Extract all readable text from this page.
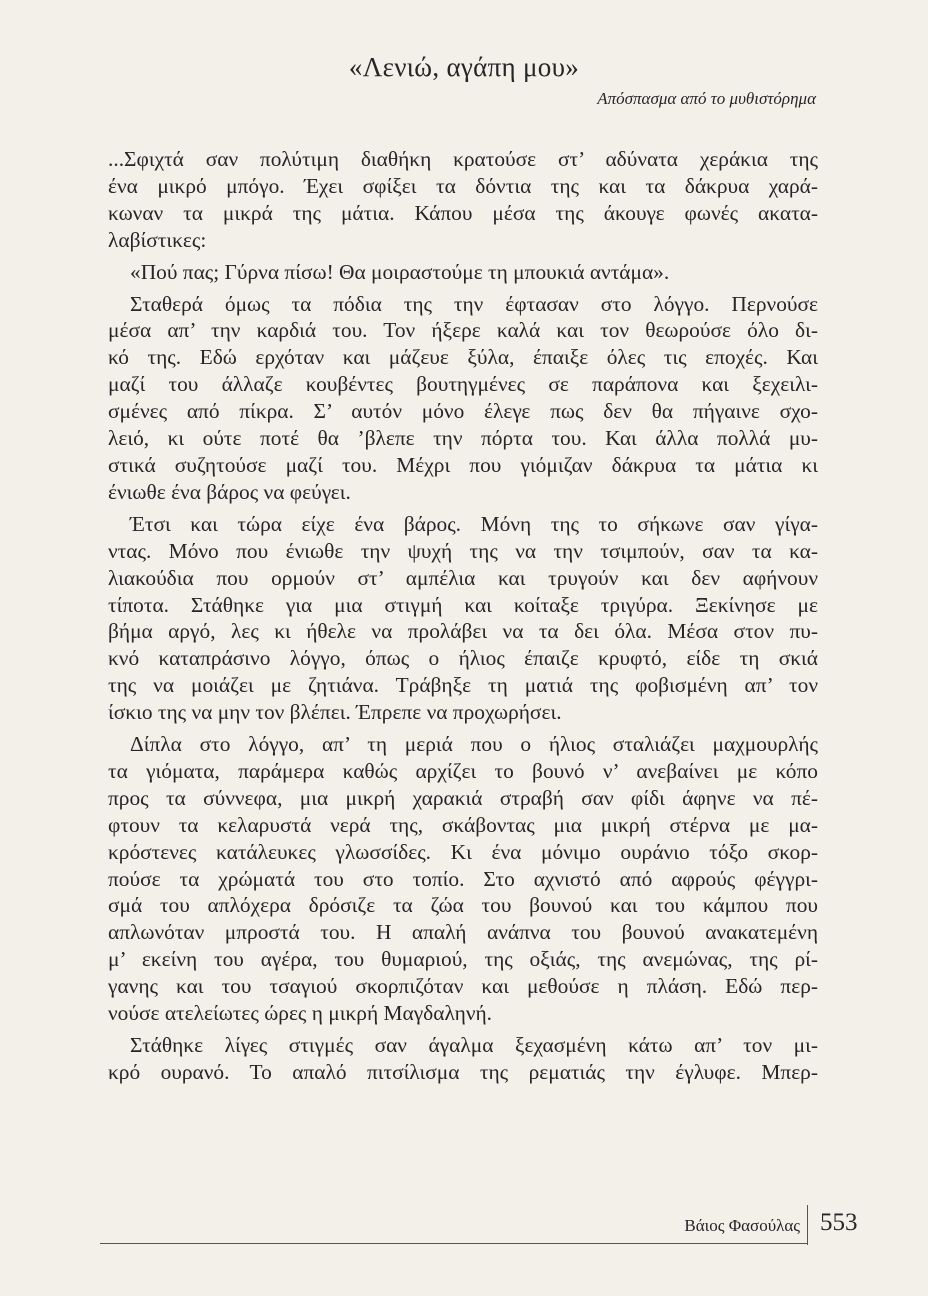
«Λενιώ, αγάπη μου»
Απόσπασμα από το μυθιστόρημα
...Σφιχτά σαν πολύτιμη διαθήκη κρατούσε στ’ αδύνατα χεράκια της
ένα μικρό μπόγο. Έχει σφίξει τα δόντια της και τα δάκρυα χαρά-
κωναν τα μικρά της μάτια. Κάπου μέσα της άκουγε φωνές ακατα-
λαβίστικες:
«Πού πας; Γύρνα πίσω! Θα μοιραστούμε τη μπουκιά αντάμα».
Σταθερά όμως τα πόδια της την έφτασαν στο λόγγο. Περνούσε
μέσα απ’ την καρδιά του. Τον ήξερε καλά και τον θεωρούσε όλο δι-
κό της. Εδώ ερχόταν και μάζευε ξύλα, έπαιξε όλες τις εποχές. Και
μαζί του άλλαζε κουβέντες βουτηγμένες σε παράπονα και ξεχειλι-
σμένες από πίκρα. Σ’ αυτόν μόνο έλεγε πως δεν θα πήγαινε σχο-
λειό, κι ούτε ποτέ θα ’βλεπε την πόρτα του. Και άλλα πολλά μυ-
στικά συζητούσε μαζί του. Μέχρι που γιόμιζαν δάκρυα τα μάτια κι
ένιωθε ένα βάρος να φεύγει.
Έτσι και τώρα είχε ένα βάρος. Μόνη της το σήκωνε σαν γίγα-
ντας. Μόνο που ένιωθε την ψυχή της να την τσιμπούν, σαν τα κα-
λιακούδια που ορμούν στ’ αμπέλια και τρυγούν και δεν αφήνουν
τίποτα. Στάθηκε για μια στιγμή και κοίταξε τριγύρα. Ξεκίνησε με
βήμα αργό, λες κι ήθελε να προλάβει να τα δει όλα. Μέσα στον πυ-
κνό καταπράσινο λόγγο, όπως ο ήλιος έπαιζε κρυφτό, είδε τη σκιά
της να μοιάζει με ζητιάνα. Τράβηξε τη ματιά της φοβισμένη απ’ τον
ίσκιο της να μην τον βλέπει. Έπρεπε να προχωρήσει.
Δίπλα στο λόγγο, απ’ τη μεριά που ο ήλιος σταλιάζει μαχμουρλής
τα γιόματα, παράμερα καθώς αρχίζει το βουνό ν’ ανεβαίνει με κόπο
προς τα σύννεφα, μια μικρή χαρακιά στραβή σαν φίδι άφηνε να πέ-
φτουν τα κελαρυστά νερά της, σκάβοντας μια μικρή στέρνα με μα-
κρόστενες κατάλευκες γλωσσίδες. Κι ένα μόνιμο ουράνιο τόξο σκορ-
πούσε τα χρώματά του στο τοπίο. Στο αχνιστό από αφρούς φέγγρι-
σμά του απλόχερα δρόσιζε τα ζώα του βουνού και του κάμπου που
απλωνόταν μπροστά του. Η απαλή ανάπνα του βουνού ανακατεμένη
μ’ εκείνη του αγέρα, του θυμαριού, της οξιάς, της ανεμώνας, της ρί-
γανης και του τσαγιού σκορπιζόταν και μεθούσε η πλάση. Εδώ περ-
νούσε ατελείωτες ώρες η μικρή Μαγδαληνή.
Στάθηκε λίγες στιγμές σαν άγαλμα ξεχασμένη κάτω απ’ τον μι-
κρό ουρανό. Το απαλό πιτσίλισμα της ρεματιάς την έγλυφε. Μπερ-
Βάιος Φασούλας 553
